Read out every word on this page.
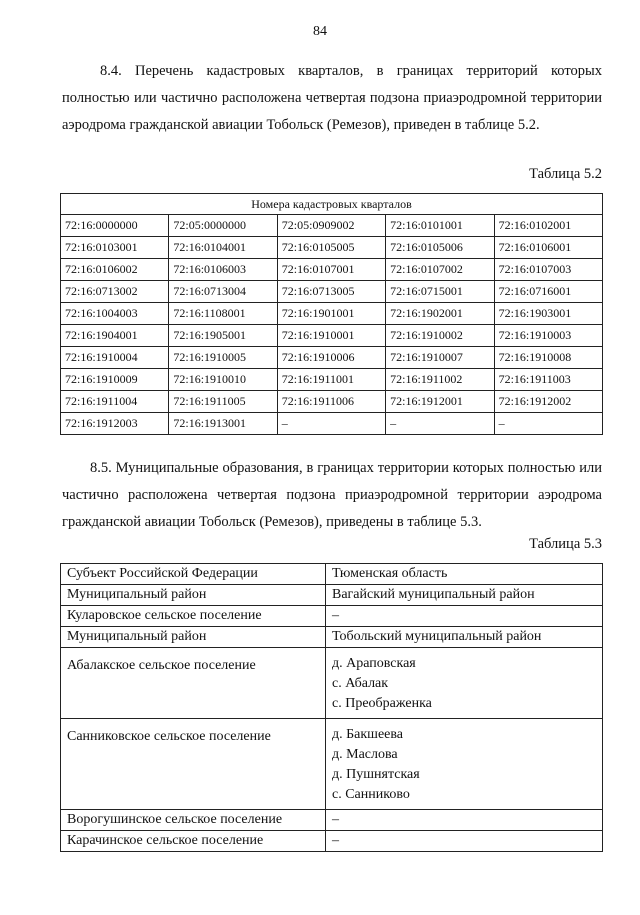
84

8.4. Перечень кадастровых кварталов, в границах территорий которых полностью или частично расположена четвертая подзона приаэродромной территории аэродрома гражданской авиации Тобольск (Ремезов), приведен в таблице 5.2.

Таблица 5.2
Номера кадастровых кварталов				
72:16:0000000	72:05:0000000	72:05:0909002	72:16:0101001	72:16:0102001
72:16:0103001	72:16:0104001	72:16:0105005	72:16:0105006	72:16:0106001
72:16:0106002	72:16:0106003	72:16:0107001	72:16:0107002	72:16:0107003
72:16:0713002	72:16:0713004	72:16:0713005	72:16:0715001	72:16:0716001
72:16:1004003	72:16:1108001	72:16:1901001	72:16:1902001	72:16:1903001
72:16:1904001	72:16:1905001	72:16:1910001	72:16:1910002	72:16:1910003
72:16:1910004	72:16:1910005	72:16:1910006	72:16:1910007	72:16:1910008
72:16:1910009	72:16:1910010	72:16:1911001	72:16:1911002	72:16:1911003
72:16:1911004	72:16:1911005	72:16:1911006	72:16:1912001	72:16:1912002
72:16:1912003	72:16:1913001	–	–	–

8.5. Муниципальные образования, в границах территории которых полностью или частично расположена четвертая подзона приаэродромной территории аэродрома гражданской авиации Тобольск (Ремезов), приведены в таблице 5.3.

Таблица 5.3
Субъект Российской Федерации	Тюменская область

Муниципальный район	Вагайский муниципальный район

Куларовское сельское поселение	–

Муниципальный район	Тобольский муниципальный район

Абалакское сельское поселение	д. Араповская
с. Абалак
с. Преображенка

Санниковское сельское поселение	д. Бакшеева
д. Маслова
д. Пушнятская
с. Санниково

Ворогушинское сельское поселение	–

Карачинское сельское поселение	–
